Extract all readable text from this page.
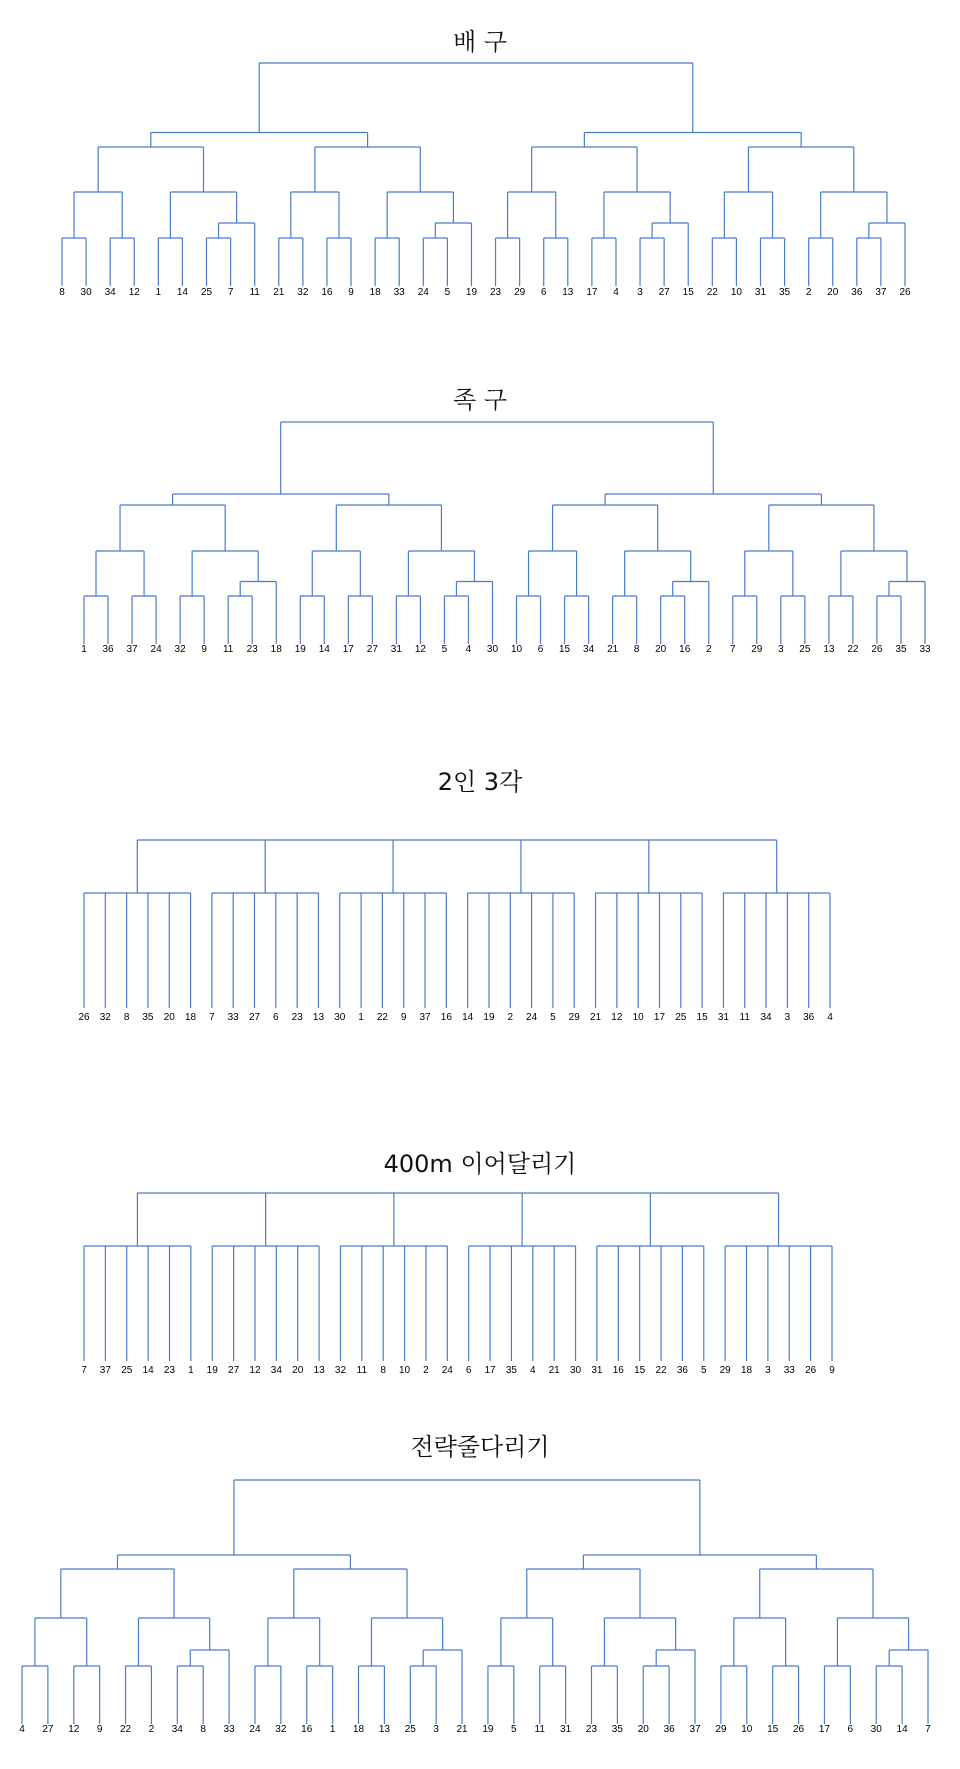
배 구
8 30 34 12 1 14 25 7 11 21 32 16 9 18 33 24 5 19 23 29 6 13 17 4 3 27 15 22 10 31 35 2 20 36 37 26
족 구
1 36 37 24 32 9 11 23 18 19 14 17 27 31 12 5 4 30 10 6 15 34 21 8 20 16 2 7 29 3 25 13 22 26 35 33
2인 3각
26 32 8 35 20 18 7 33 27 6 23 13 30 1 22 9 37 16 14 19 2 24 5 29 21 12 10 17 25 15 31 11 34 3 36 4
400m 이어달리기
7 37 25 14 23 1 19 27 12 34 20 13 32 11 8 10 2 24 6 17 35 4 21 30 31 16 15 22 36 5 29 18 3 33 26 9
전략줄다리기
4 27 12 9 22 2 34 8 33 24 32 16 1 18 13 25 3 21 19 5 11 31 23 35 20 36 37 29 10 15 26 17 6 30 14 7
